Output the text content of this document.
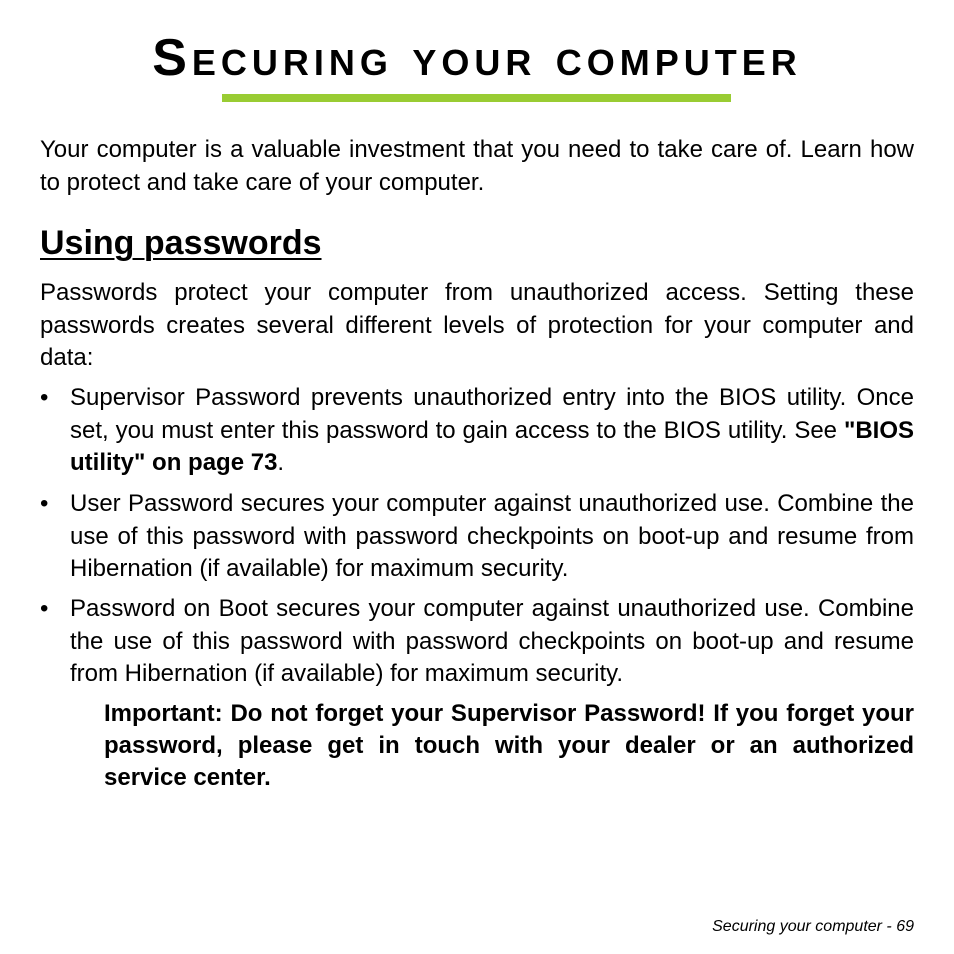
Securing your computer

Your computer is a valuable investment that you need to take care of. Learn how to protect and take care of your computer.

Using passwords

Passwords protect your computer from unauthorized access. Setting these passwords creates several different levels of protection for your computer and data:

• Supervisor Password prevents unauthorized entry into the BIOS utility. Once set, you must enter this password to gain access to the BIOS utility. See "BIOS utility" on page 73.

• User Password secures your computer against unauthorized use. Combine the use of this password with password checkpoints on boot-up and resume from Hibernation (if available) for maximum security.

• Password on Boot secures your computer against unauthorized use. Combine the use of this password with password checkpoints on boot-up and resume from Hibernation (if available) for maximum security.

Important: Do not forget your Supervisor Password! If you forget your password, please get in touch with your dealer or an authorized service center.

Securing your computer - 69
